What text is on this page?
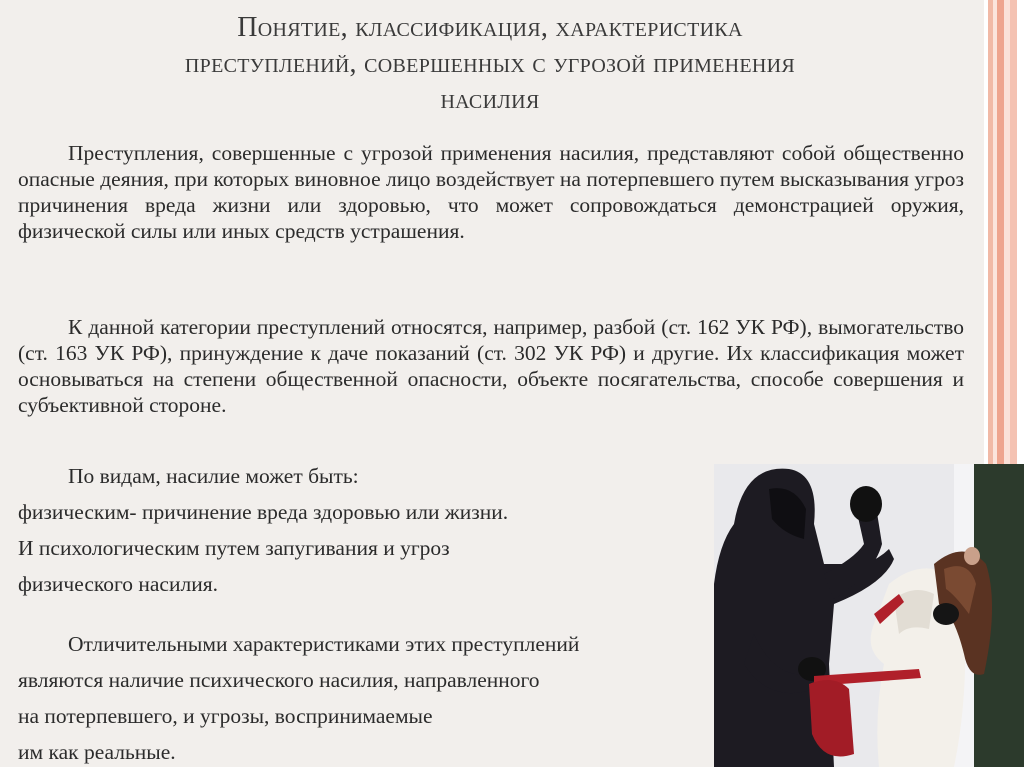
Понятие, классификация, характеристика
преступлений, совершенных с угрозой применения
насилия

Преступления, совершенные с угрозой применения насилия, представляют собой общественно опасные деяния, при которых виновное лицо воздействует на потерпевшего путем высказывания угроз причинения вреда жизни или здоровью, что может сопровождаться демонстрацией оружия, физической силы или иных средств устрашения.

К данной категории преступлений относятся, например, разбой (ст. 162 УК РФ), вымогательство (ст. 163 УК РФ), принуждение к даче показаний (ст. 302 УК РФ) и другие. Их классификация может основываться на степени общественной опасности, объекте посягательства, способе совершения и субъективной стороне.

По видам, насилие может быть:
физическим- причинение вреда здоровью или жизни.
И психологическим путем запугивания и угроз
физического насилия.
Отличительными характеристиками этих преступлений
являются наличие психического насилия, направленного
на потерпевшего, и угрозы, воспринимаемые
им как реальные.
